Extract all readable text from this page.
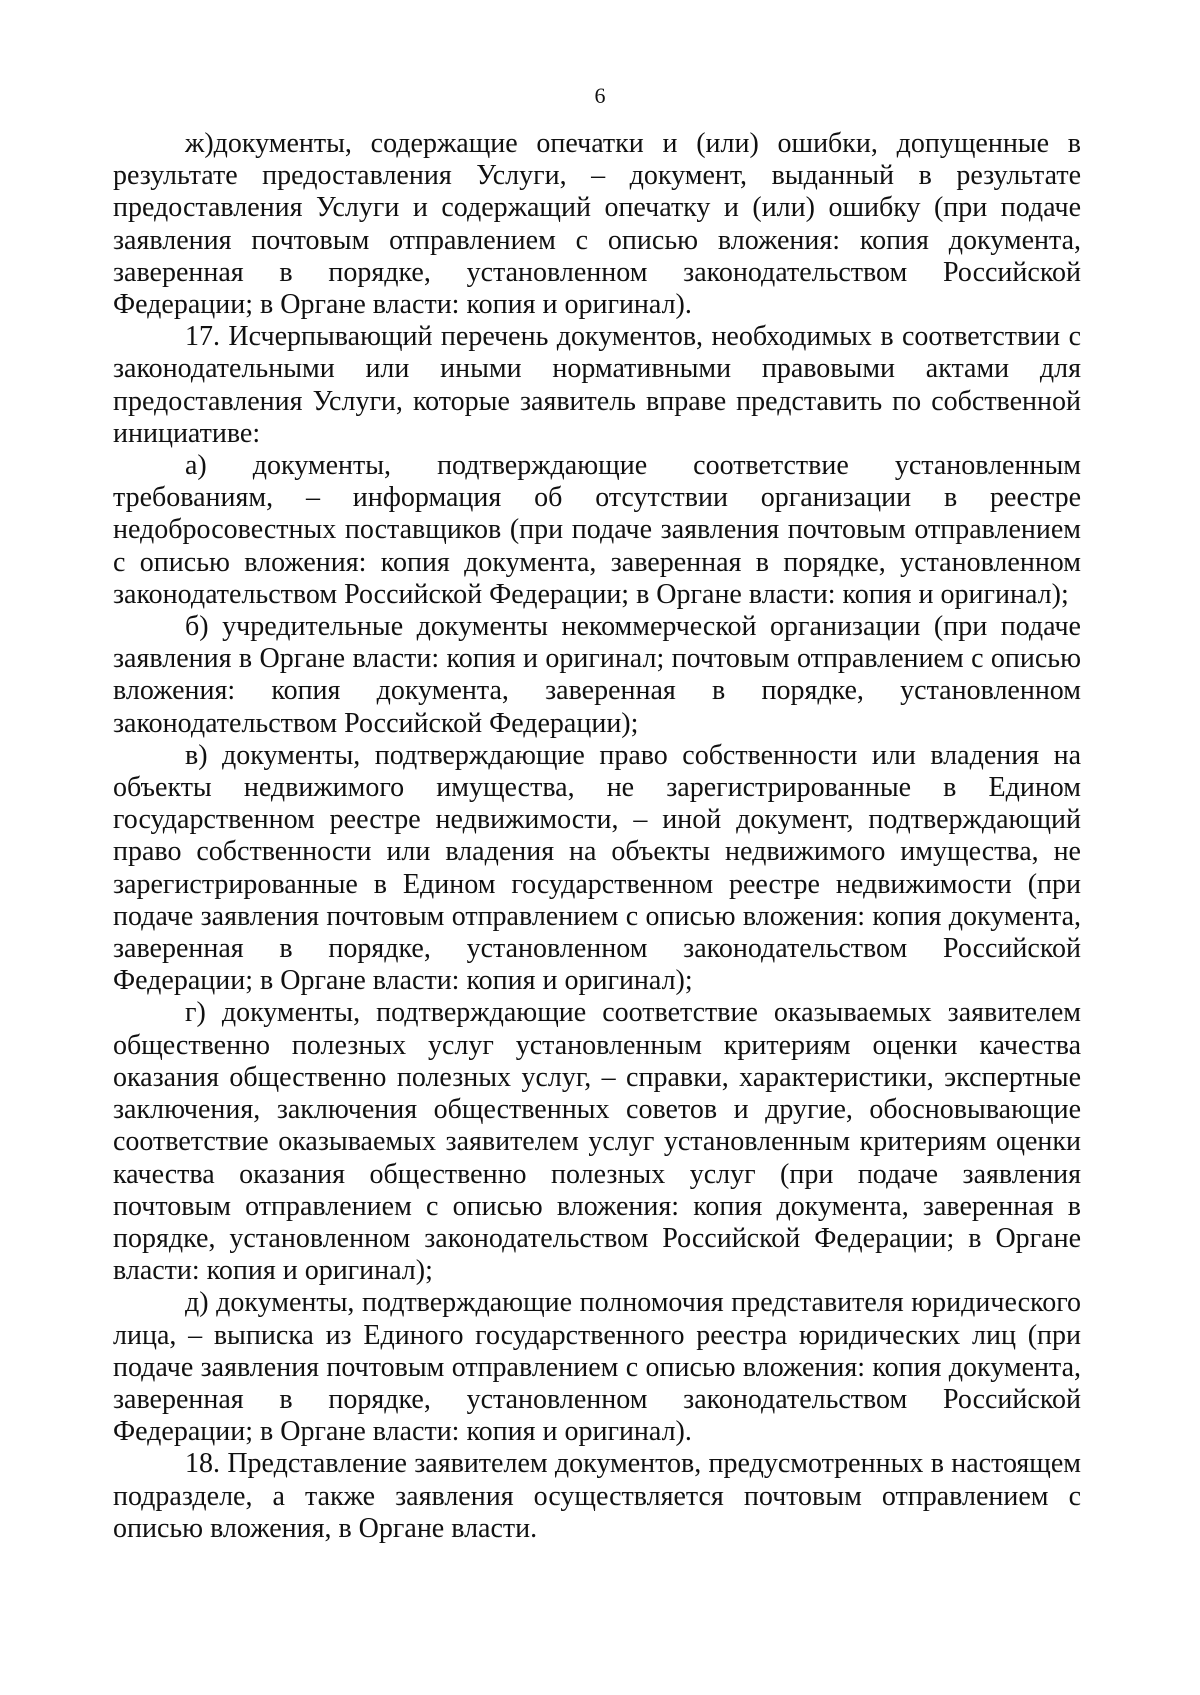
6

ж)документы, содержащие опечатки и (или) ошибки, допущенные в результате предоставления Услуги, – документ, выданный в результате предоставления Услуги и содержащий опечатку и (или) ошибку (при подаче заявления почтовым отправлением с описью вложения: копия документа, заверенная в порядке, установленном законодательством Российской Федерации; в Органе власти: копия и оригинал).

17. Исчерпывающий перечень документов, необходимых в соответствии с законодательными или иными нормативными правовыми актами для предоставления Услуги, которые заявитель вправе представить по собственной инициативе:

а) документы, подтверждающие соответствие установленным требованиям, – информация об отсутствии организации в реестре недобросовестных поставщиков (при подаче заявления почтовым отправлением с описью вложения: копия документа, заверенная в порядке, установленном законодательством Российской Федерации; в Органе власти: копия и оригинал);

б) учредительные документы некоммерческой организации (при подаче заявления в Органе власти: копия и оригинал; почтовым отправлением с описью вложения: копия документа, заверенная в порядке, установленном законодательством Российской Федерации);

в) документы, подтверждающие право собственности или владения на объекты недвижимого имущества, не зарегистрированные в Едином государственном реестре недвижимости, – иной документ, подтверждающий право собственности или владения на объекты недвижимого имущества, не зарегистрированные в Едином государственном реестре недвижимости (при подаче заявления почтовым отправлением с описью вложения: копия документа, заверенная в порядке, установленном законодательством Российской Федерации; в Органе власти: копия и оригинал);

г) документы, подтверждающие соответствие оказываемых заявителем общественно полезных услуг установленным критериям оценки качества оказания общественно полезных услуг, – справки, характеристики, экспертные заключения, заключения общественных советов и другие, обосновывающие соответствие оказываемых заявителем услуг установленным критериям оценки качества оказания общественно полезных услуг (при подаче заявления почтовым отправлением с описью вложения: копия документа, заверенная в порядке, установленном законодательством Российской Федерации; в Органе власти: копия и оригинал);

д) документы, подтверждающие полномочия представителя юридического лица, – выписка из Единого государственного реестра юридических лиц (при подаче заявления почтовым отправлением с описью вложения: копия документа, заверенная в порядке, установленном законодательством Российской Федерации; в Органе власти: копия и оригинал).

18. Представление заявителем документов, предусмотренных в настоящем подразделе, а также заявления осуществляется почтовым отправлением с описью вложения, в Органе власти.
